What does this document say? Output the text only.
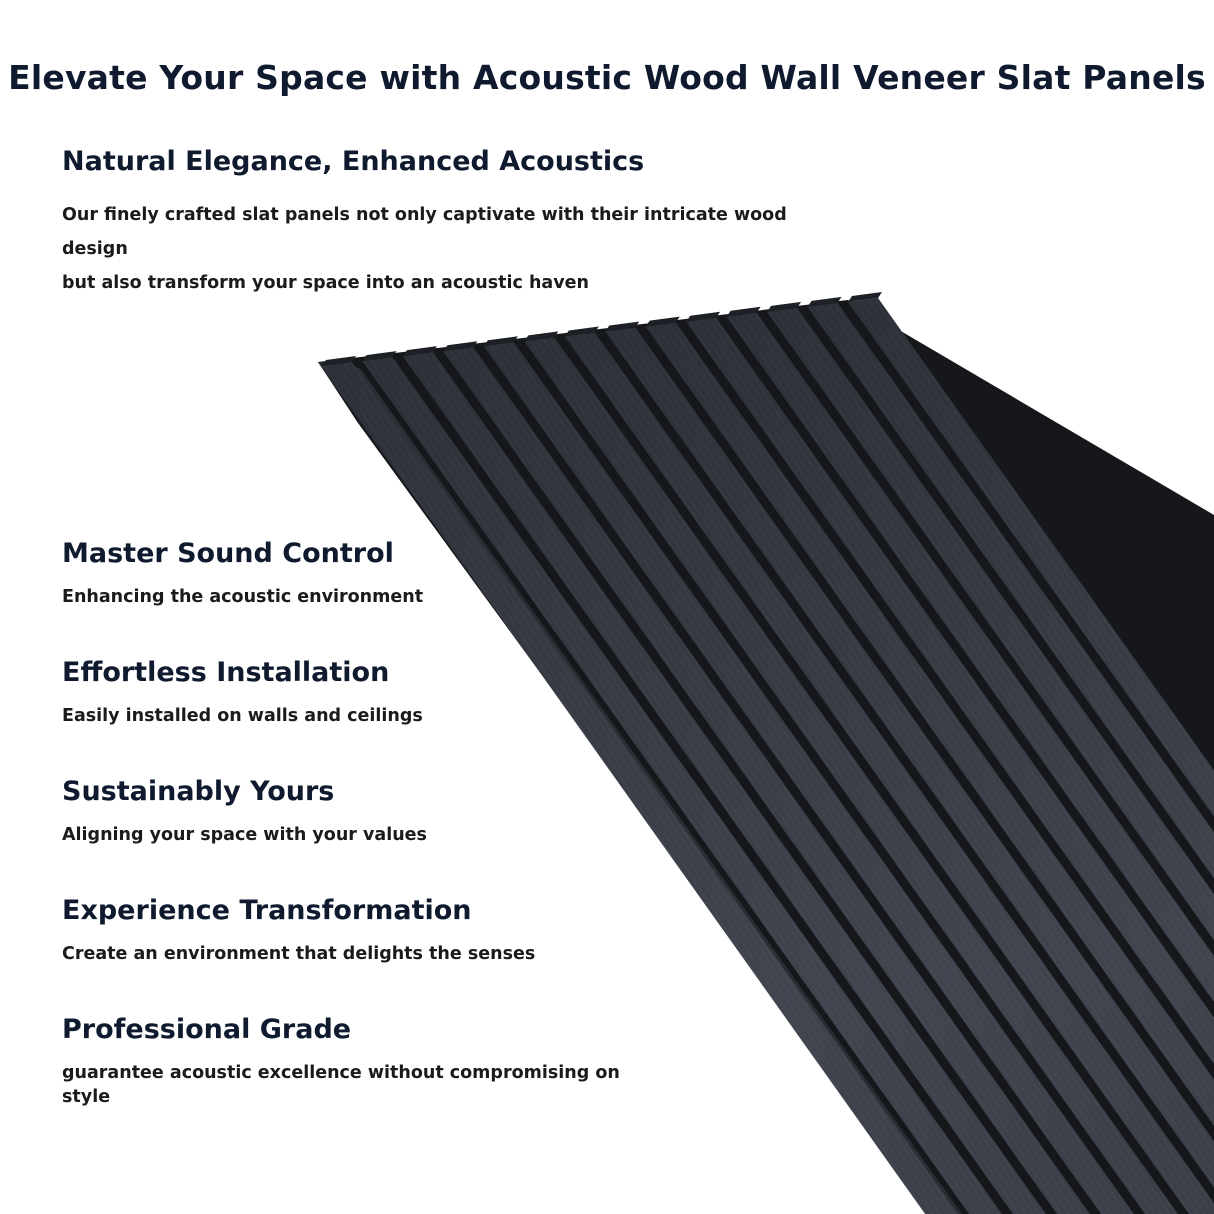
Elevate Your Space with Acoustic Wood Wall Veneer Slat Panels
Natural Elegance, Enhanced Acoustics
Our finely crafted slat panels not only captivate with their intricate wood design
but also transform your space into an acoustic haven
Master Sound Control

Enhancing the acoustic environment

Effortless Installation

Easily installed on walls and ceilings

Sustainably Yours

Aligning your space with your values

Experience Transformation

Create an environment that delights the senses

Professional Grade

guarantee acoustic excellence without compromising on style
